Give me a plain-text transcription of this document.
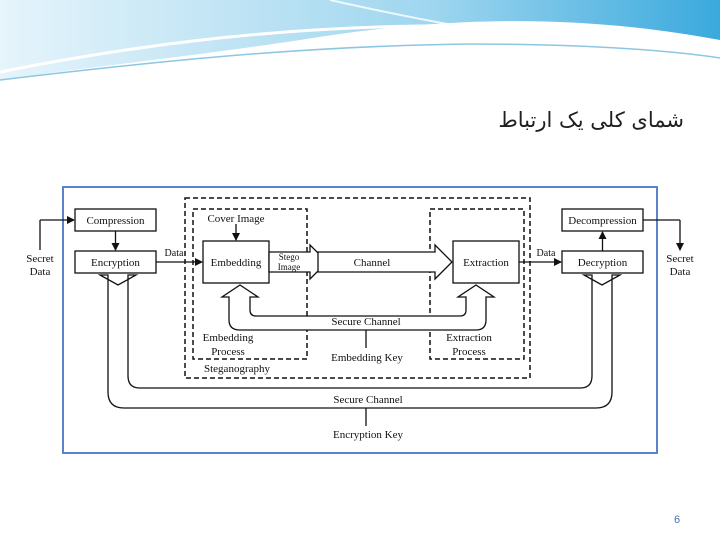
شمای کلی یک ارتباط
Compression
Encryption	Embedding	Extraction	Decryption
Decompression
Channel
Secret
Data
Secret
Data
Data	Data
Cover Image
Stego
Image
Secure Channel
Embedding
Process	Embedding Key
Extraction
Process
Steganography
Secure Channel
Encryption Key
6
